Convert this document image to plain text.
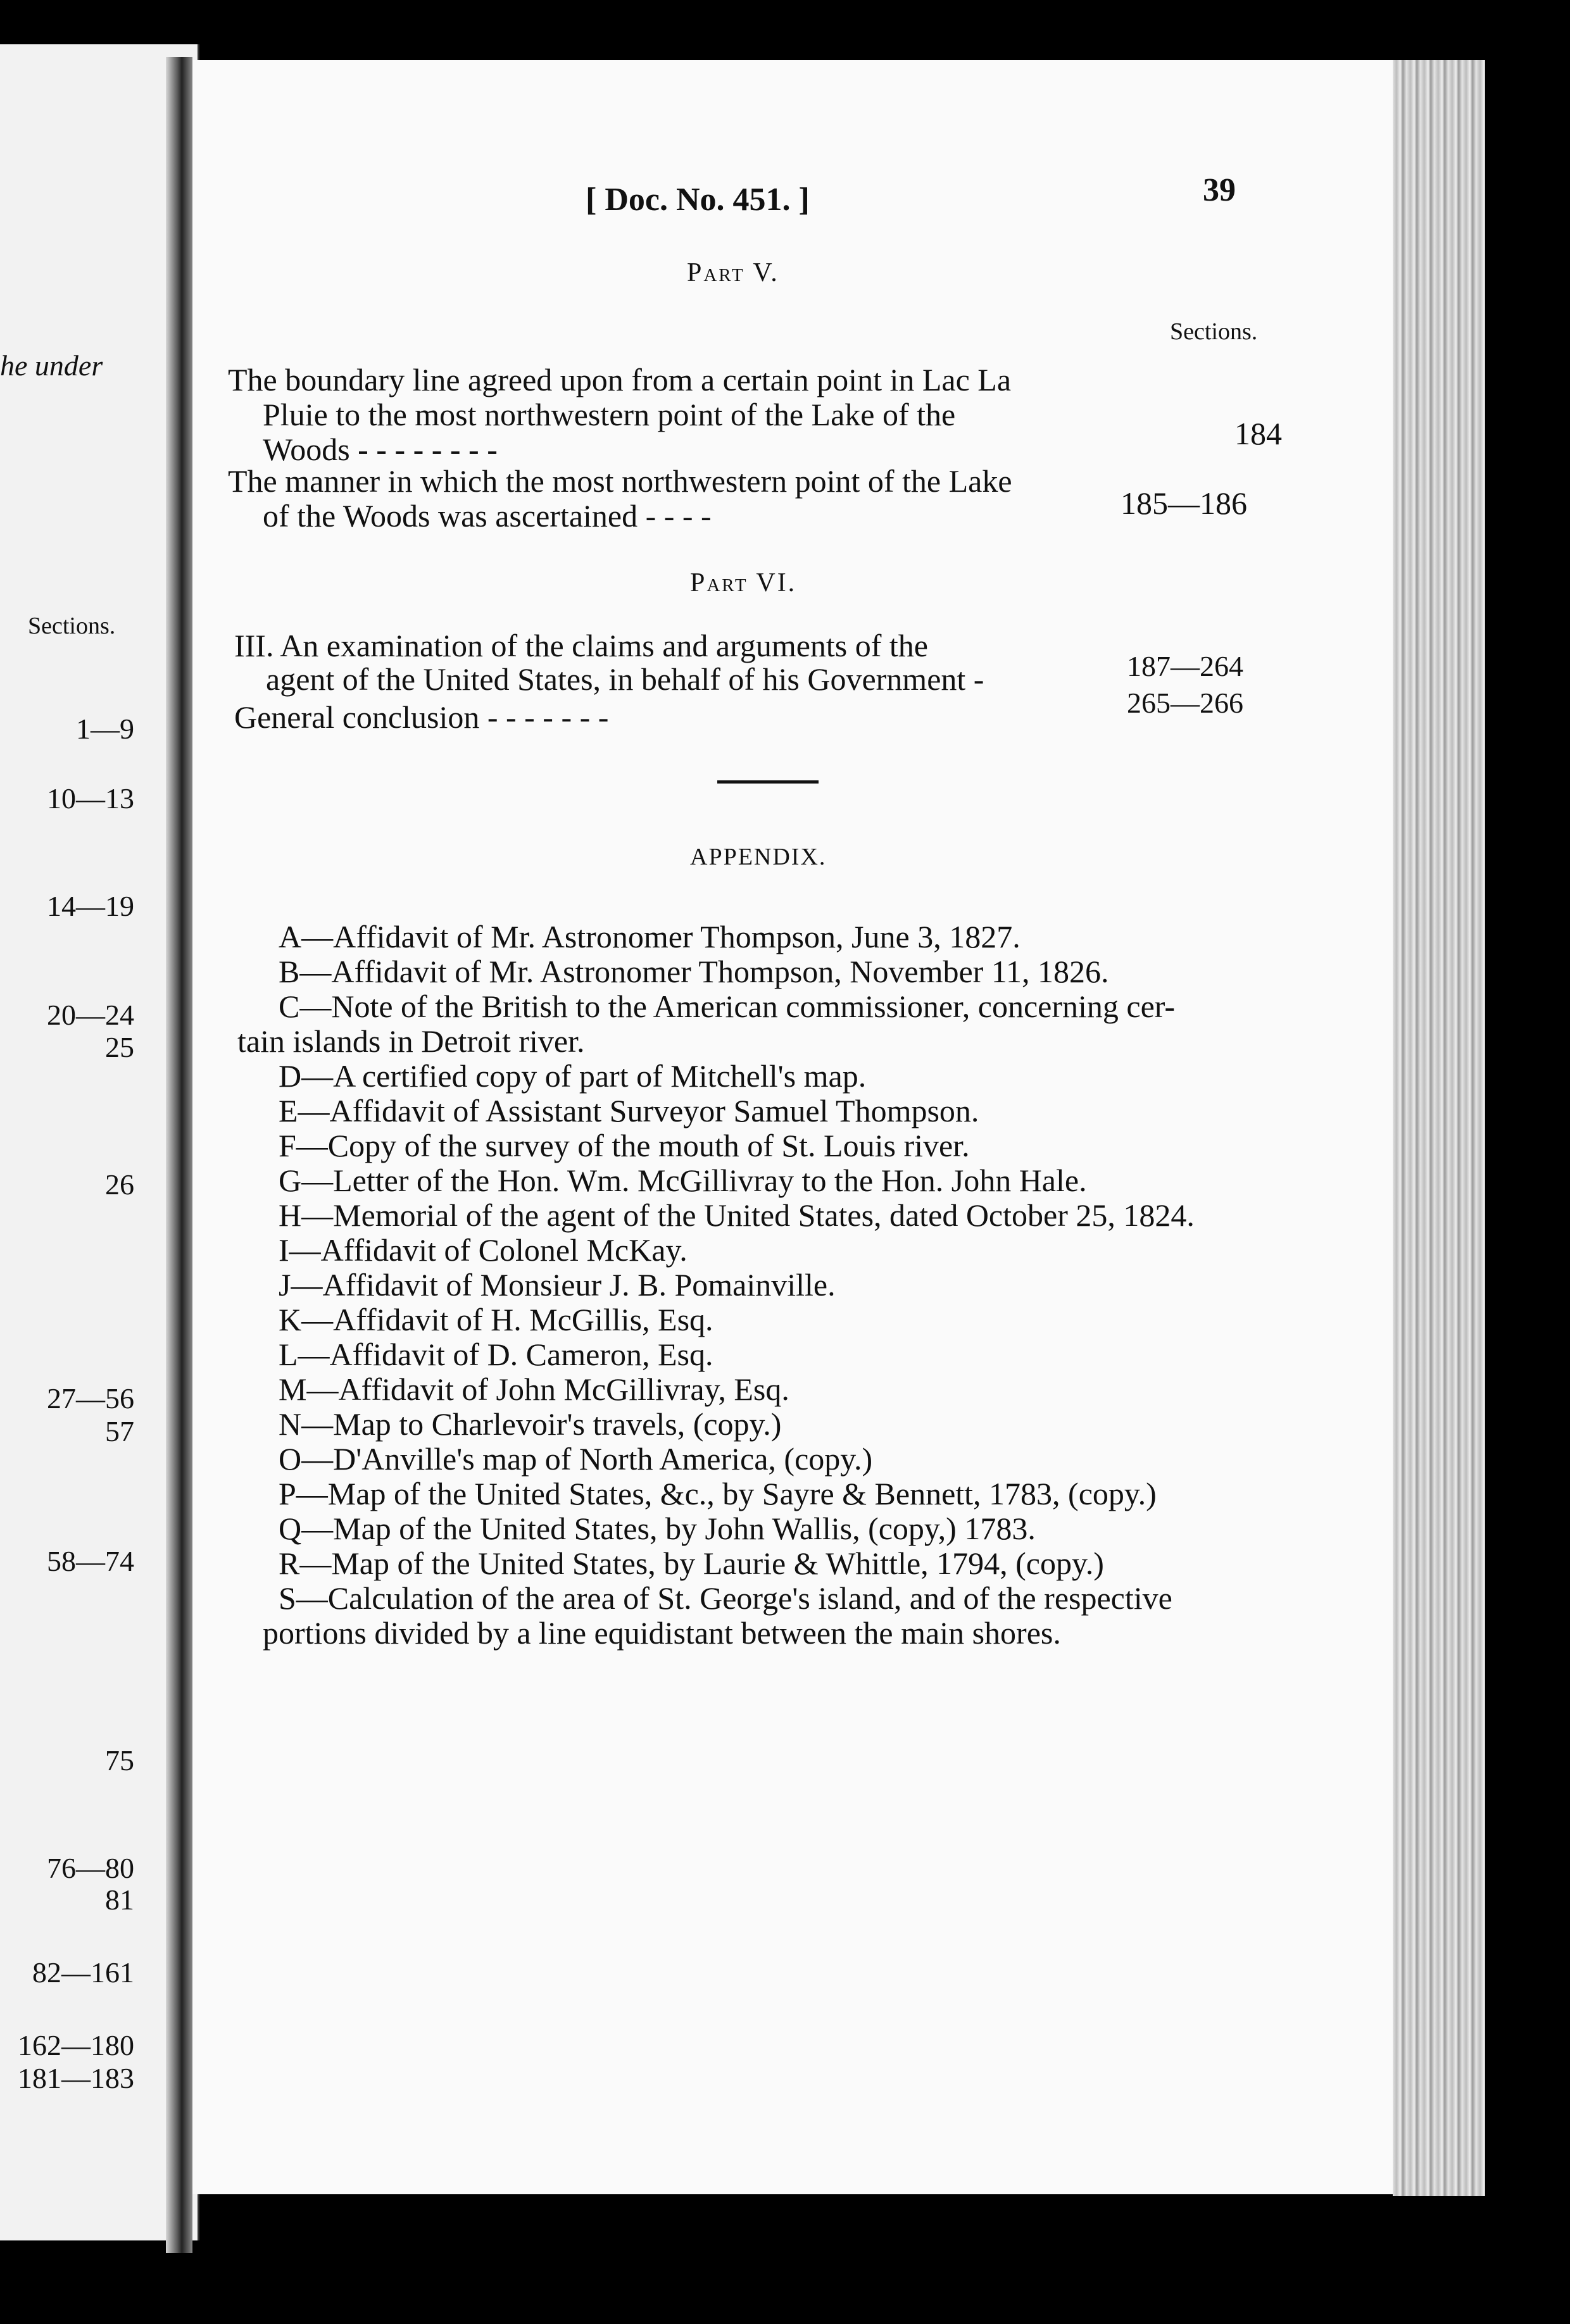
he under
Sections.
1—9
10—13
14—19
20—24
25
26
27—56
57
58—74
75
76—80
81
82—161
162—180
181—183
[ Doc. No. 451. ]	39
Part V.
Sections.
The boundary line agreed upon from a certain point in Lac La
Pluie to the most northwestern point of the Lake of the
Woods - - - - - - - -	184
The manner in which the most northwestern point of the Lake
of the Woods was ascertained - - - -	185—186
Part VI.
III. An examination of the claims and arguments of the
agent of the United States, in behalf of his Government -	187—264
General conclusion - - - - - - -	265—266
APPENDIX.
A—Affidavit of Mr. Astronomer Thompson, June 3, 1827.
B—Affidavit of Mr. Astronomer Thompson, November 11, 1826.
C—Note of the British to the American commissioner, concerning cer-
tain islands in Detroit river.
D—A certified copy of part of Mitchell's map.
E—Affidavit of Assistant Surveyor Samuel Thompson.
F—Copy of the survey of the mouth of St. Louis river.
G—Letter of the Hon. Wm. McGillivray to the Hon. John Hale.
H—Memorial of the agent of the United States, dated October 25, 1824.
I—Affidavit of Colonel McKay.
J—Affidavit of Monsieur J. B. Pomainville.
K—Affidavit of H. McGillis, Esq.
L—Affidavit of D. Cameron, Esq.
M—Affidavit of John McGillivray, Esq.
N—Map to Charlevoir's travels, (copy.)
O—D'Anville's map of North America, (copy.)
P—Map of the United States, &c., by Sayre & Bennett, 1783, (copy.)
Q—Map of the United States, by John Wallis, (copy,) 1783.
R—Map of the United States, by Laurie & Whittle, 1794, (copy.)
S—Calculation of the area of St. George's island, and of the respective
portions divided by a line equidistant between the main shores.
